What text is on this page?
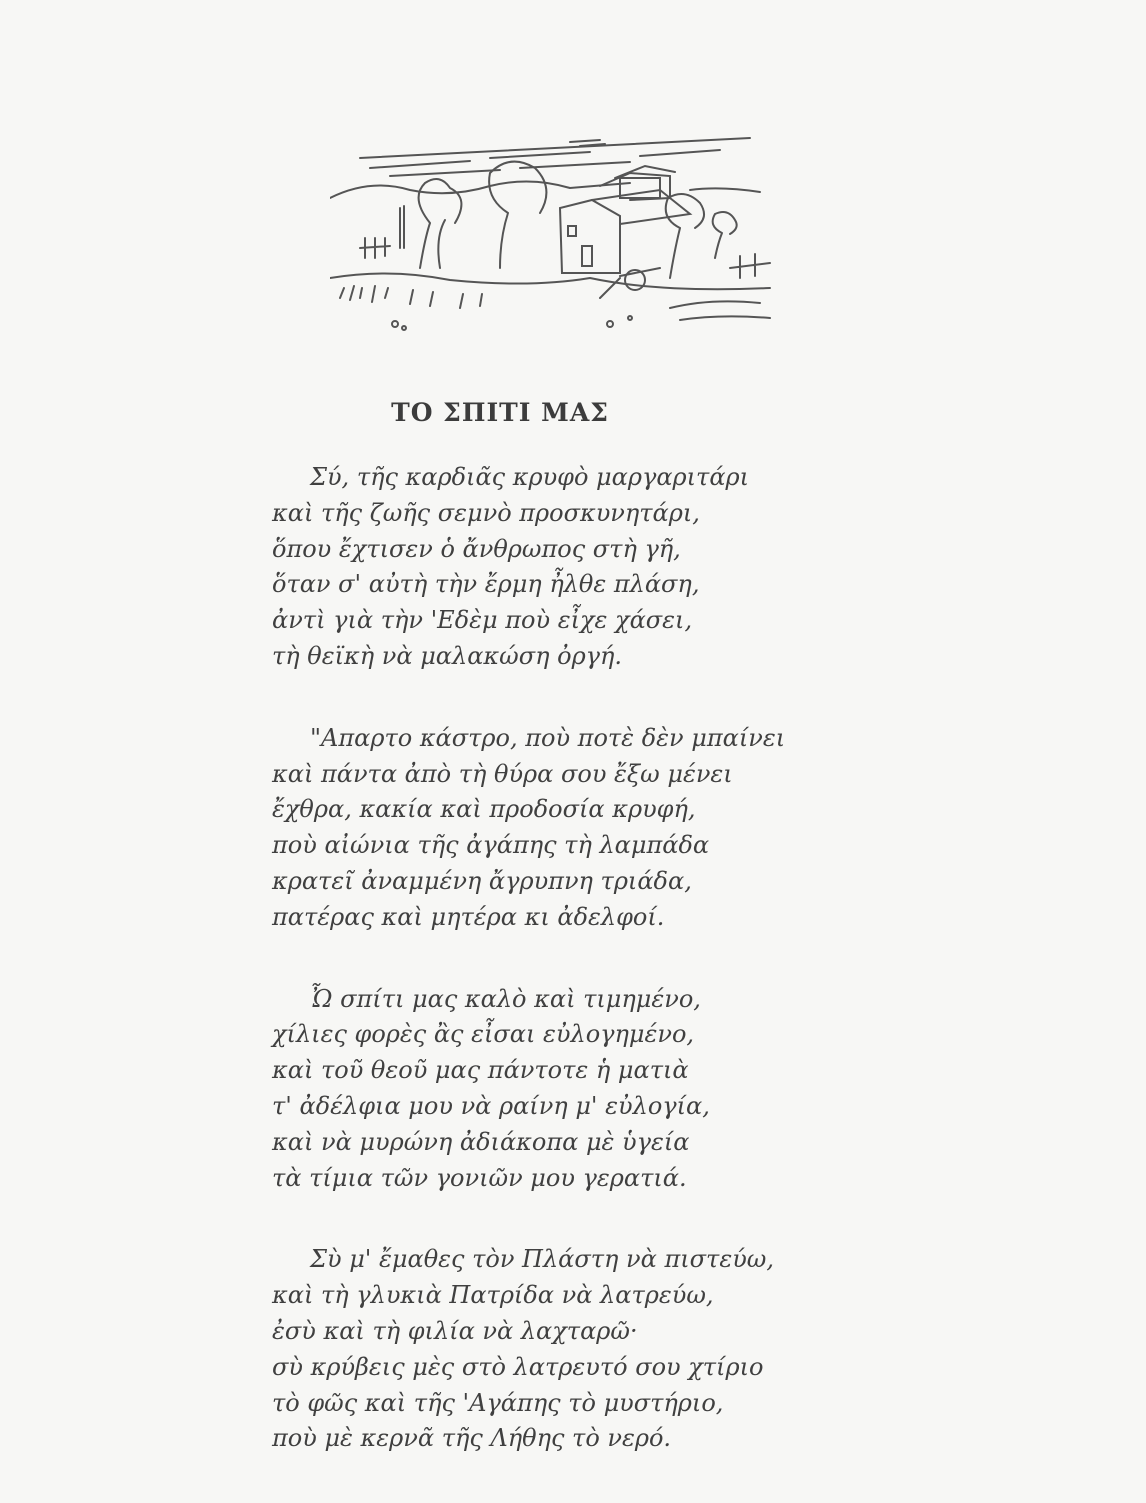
ΤΟ ΣΠΙΤΙ ΜΑΣ
Σύ, τῆς καρδιᾶς κρυφὸ μαργαριτάρι
καὶ τῆς ζωῆς σεμνὸ προσκυνητάρι,
ὅπου ἔχτισεν ὁ ἄνθρωπος στὴ γῆ,
ὅταν σ' αὐτὴ τὴν ἔρμη ἦλθε πλάση,
ἀντὶ γιὰ τὴν 'Εδὲμ ποὺ εἶχε χάσει,
τὴ θεϊκὴ νὰ μαλακώση ὀργή.
"Απαρτο κάστρο, ποὺ ποτὲ δὲν μπαίνει
καὶ πάντα ἀπὸ τὴ θύρα σου ἔξω μένει
ἔχθρα, κακία καὶ προδοσία κρυφή,
ποὺ αἰώνια τῆς ἀγάπης τὴ λαμπάδα
κρατεῖ ἀναμμένη ἄγρυπνη τριάδα,
πατέρας καὶ μητέρα κι ἀδελφοί.
Ὦ σπίτι μας καλὸ καὶ τιμημένο,
χίλιες φορὲς ἂς εἶσαι εὐλογημένο,
καὶ τοῦ θεοῦ μας πάντοτε ἡ ματιὰ
τ' ἀδέλφια μου νὰ ραίνη μ' εὐλογία,
καὶ νὰ μυρώνη ἀδιάκοπα μὲ ὑγεία
τὰ τίμια τῶν γονιῶν μου γερατιά.
Σὺ μ' ἔμαθες τὸν Πλάστη νὰ πιστεύω,
καὶ τὴ γλυκιὰ Πατρίδα νὰ λατρεύω,
ἐσὺ καὶ τὴ φιλία νὰ λαχταρῶ·
σὺ κρύβεις μὲς στὸ λατρευτό σου χτίριο
τὸ φῶς καὶ τῆς 'Αγάπης τὸ μυστήριο,
ποὺ μὲ κερνᾶ τῆς Λήθης τὸ νερό.
